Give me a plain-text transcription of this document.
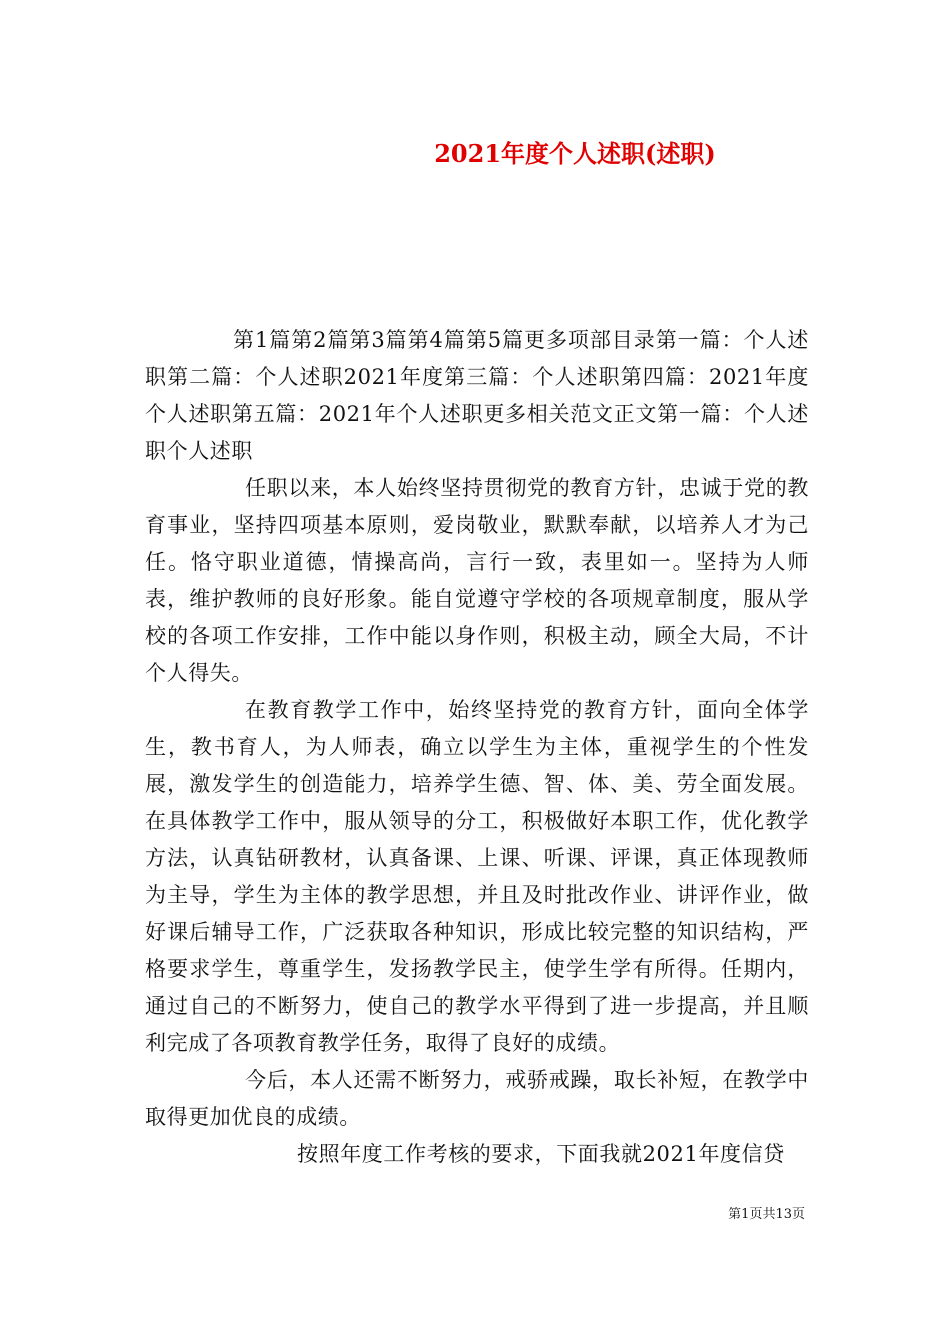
2021年度个人述职(述职)

第1篇第2篇第3篇第4篇第5篇更多项部目录第一篇：个人述职第二篇：个人述职2021年度第三篇：个人述职第四篇：2021年度个人述职第五篇：2021年个人述职更多相关范文正文第一篇：个人述职个人述职

任职以来，本人始终坚持贯彻党的教育方针，忠诚于党的教育事业，坚持四项基本原则，爱岗敬业，默默奉献，以培养人才为己任。恪守职业道德，情操高尚，言行一致，表里如一。坚持为人师表，维护教师的良好形象。能自觉遵守学校的各项规章制度，服从学校的各项工作安排，工作中能以身作则，积极主动，顾全大局，不计个人得失。

在教育教学工作中，始终坚持党的教育方针，面向全体学生，教书育人，为人师表，确立以学生为主体，重视学生的个性发展，激发学生的创造能力，培养学生德、智、体、美、劳全面发展。在具体教学工作中，服从领导的分工，积极做好本职工作，优化教学方法，认真钻研教材，认真备课、上课、听课、评课，真正体现教师为主导，学生为主体的教学思想，并且及时批改作业、讲评作业，做好课后辅导工作，广泛获取各种知识，形成比较完整的知识结构，严格要求学生，尊重学生，发扬教学民主，使学生学有所得。任期内，通过自己的不断努力，使自己的教学水平得到了进一步提高，并且顺利完成了各项教育教学任务，取得了良好的成绩。

今后，本人还需不断努力，戒骄戒躁，取长补短，在教学中取得更加优良的成绩。

按照年度工作考核的要求，下面我就2021年度信贷

第1页共13页
